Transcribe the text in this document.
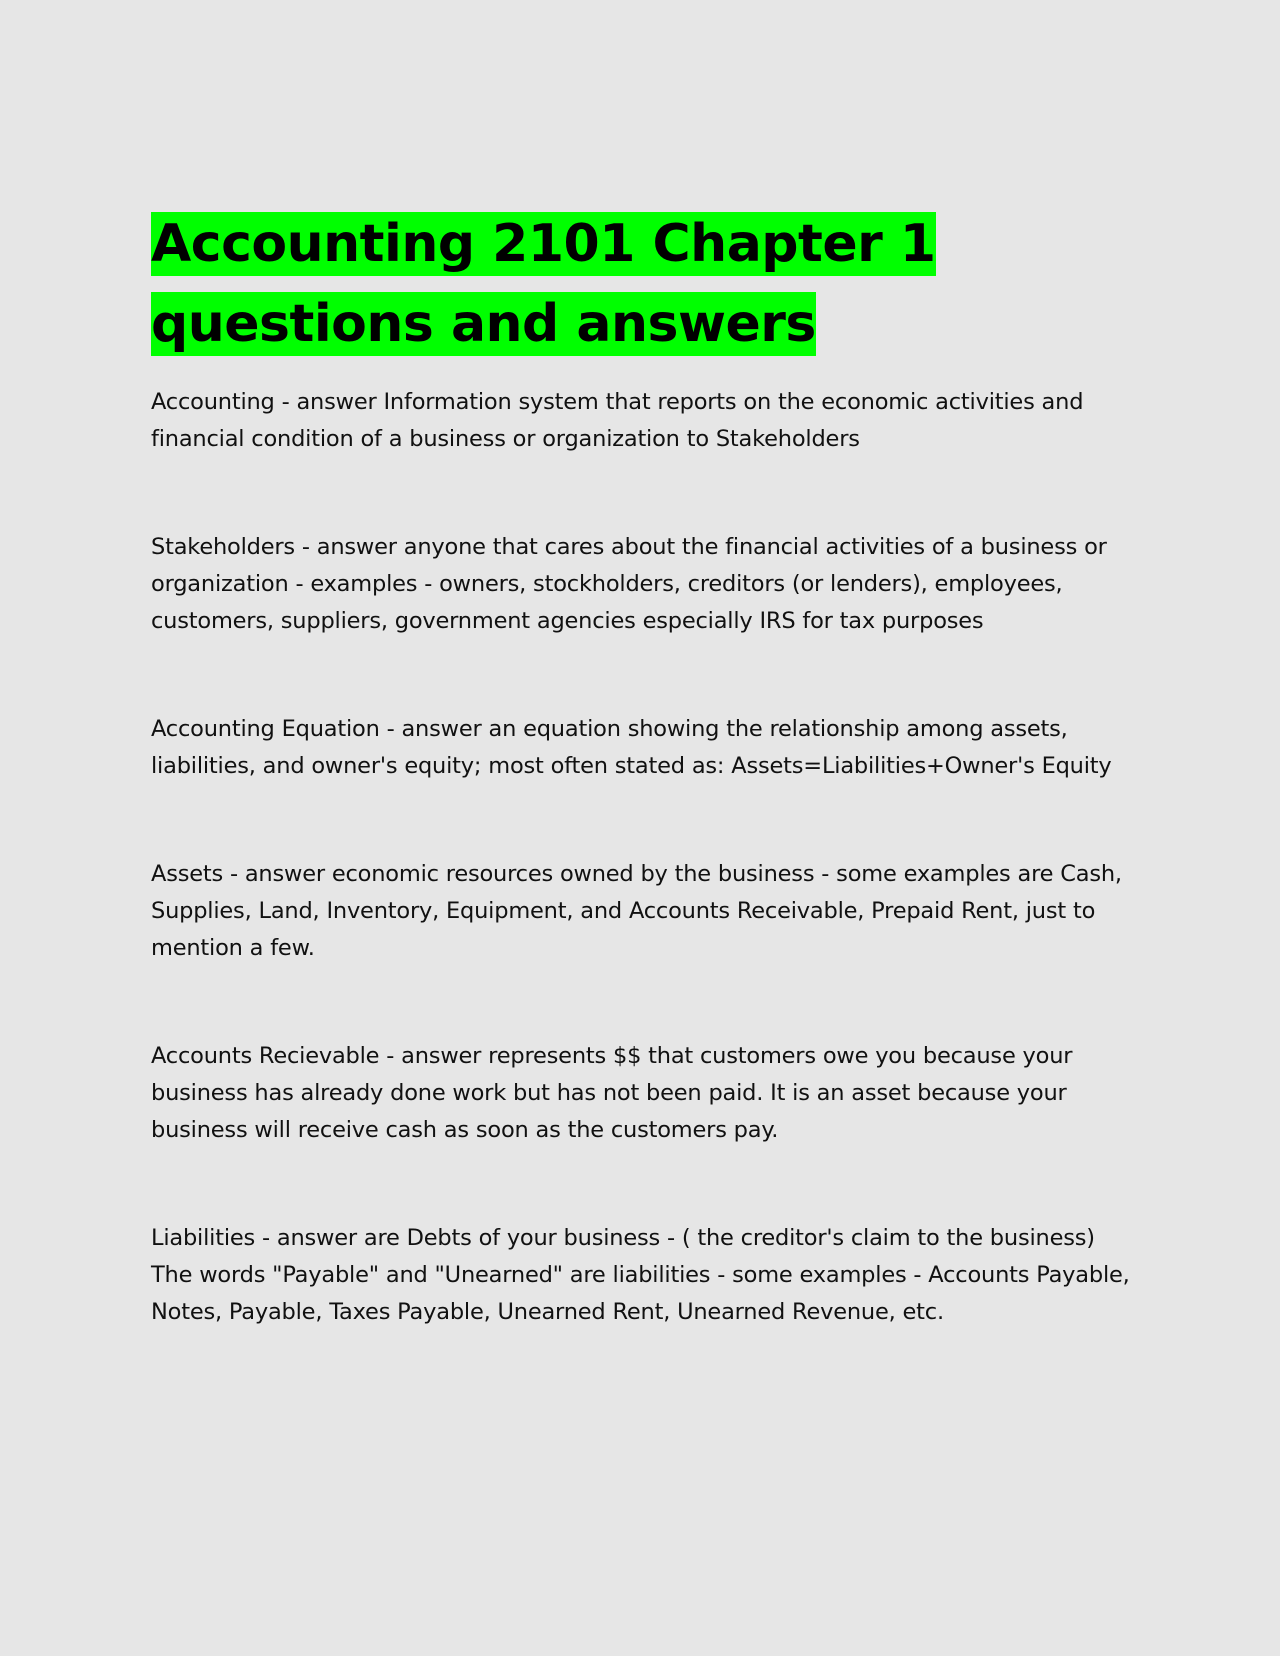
Accounting 2101 Chapter 1 questions and answers

Accounting - answer Information system that reports on the economic activities and financial condition of a business or organization to Stakeholders

Stakeholders - answer anyone that cares about the financial activities of a business or organization - examples - owners, stockholders, creditors (or lenders), employees, customers, suppliers, government agencies especially IRS for tax purposes

Accounting Equation - answer an equation showing the relationship among assets, liabilities, and owner's equity; most often stated as: Assets=Liabilities+Owner's Equity

Assets - answer economic resources owned by the business - some examples are Cash, Supplies, Land, Inventory, Equipment, and Accounts Receivable, Prepaid Rent, just to mention a few.

Accounts Recievable - answer represents $$ that customers owe you because your business has already done work but has not been paid. It is an asset because your business will receive cash as soon as the customers pay.

Liabilities - answer are Debts of your business - ( the creditor's claim to the business) The words "Payable" and "Unearned" are liabilities - some examples - Accounts Payable, Notes, Payable, Taxes Payable, Unearned Rent, Unearned Revenue, etc.
